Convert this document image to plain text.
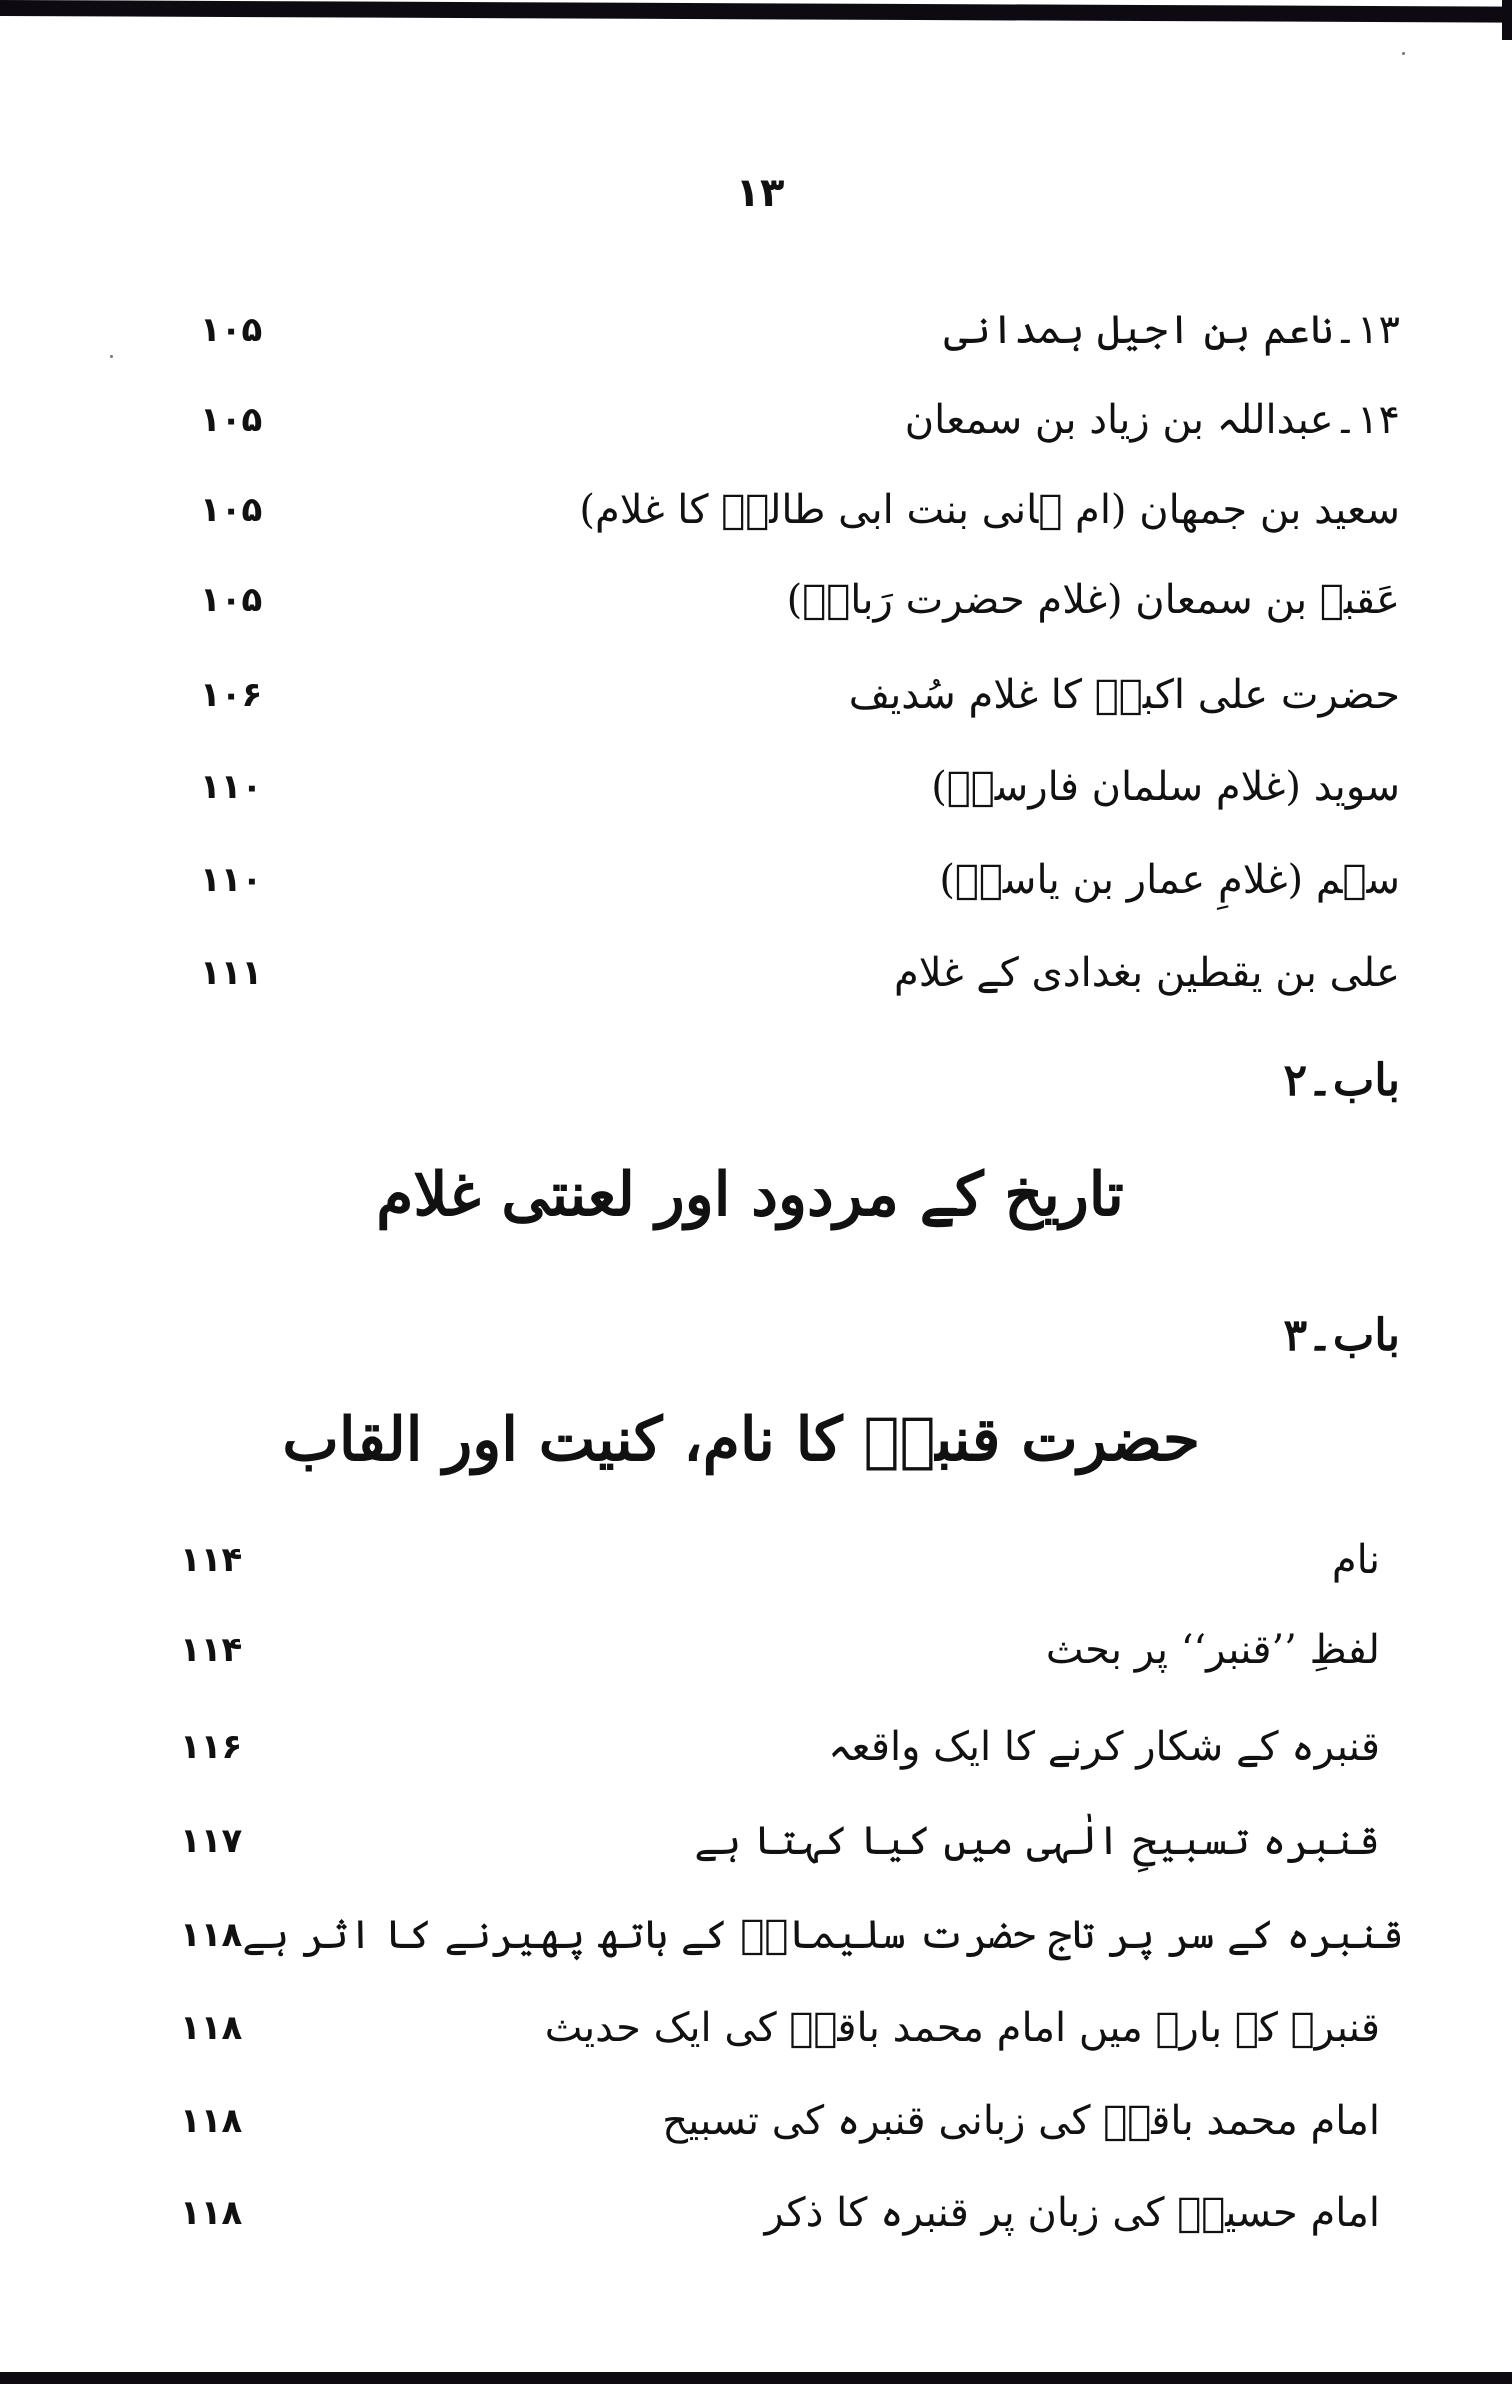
۱۳
۱۰۵	۱۳۔ناعم بن اجیل ہمدانی
۱۰۵	۱۴۔عبداللہ بن زیاد بن سمعان
۱۰۵	سعید بن جمھان (ام ہانی بنت ابی طالبؑ کا غلام)
۱۰۵	عَقبہ بن سمعان (غلام حضرت رَبابؑ)
۱۰۶	حضرت علی اکبرؑ کا غلام سُدیف
۱۱۰	سوید (غلام سلمان فارسیؓ)
۱۱۰	سہم (غلامِ عمار بن یاسرؓ)
۱۱۱	علی بن یقطین بغدادی کے غلام
باب۔۲
تاریخ کے مردود اور لعنتی غلام
باب۔۳
حضرت قنبرؑ کا نام، کنیت اور القاب
۱۱۴	نام
۱۱۴	لفظِ ’’قنبر‘‘ پر بحث
۱۱۶	قنبرہ کے شکار کرنے کا ایک واقعہ
۱۱۷	قنبرہ تسبیحِ الٰہی میں کیا کہتا ہے
۱۱۸ قنبرہ کے سر پر تاج حضرت سلیمانؑ کے ہاتھ پھیرنے کا اثر ہے
۱۱۸	قنبرہ کے بارے میں امام محمد باقرؑ کی ایک حدیث
۱۱۸	امام محمد باقرؑ کی زبانی قنبرہ کی تسبیح
۱۱۸	امام حسینؑ کی زبان پر قنبرہ کا ذکر
